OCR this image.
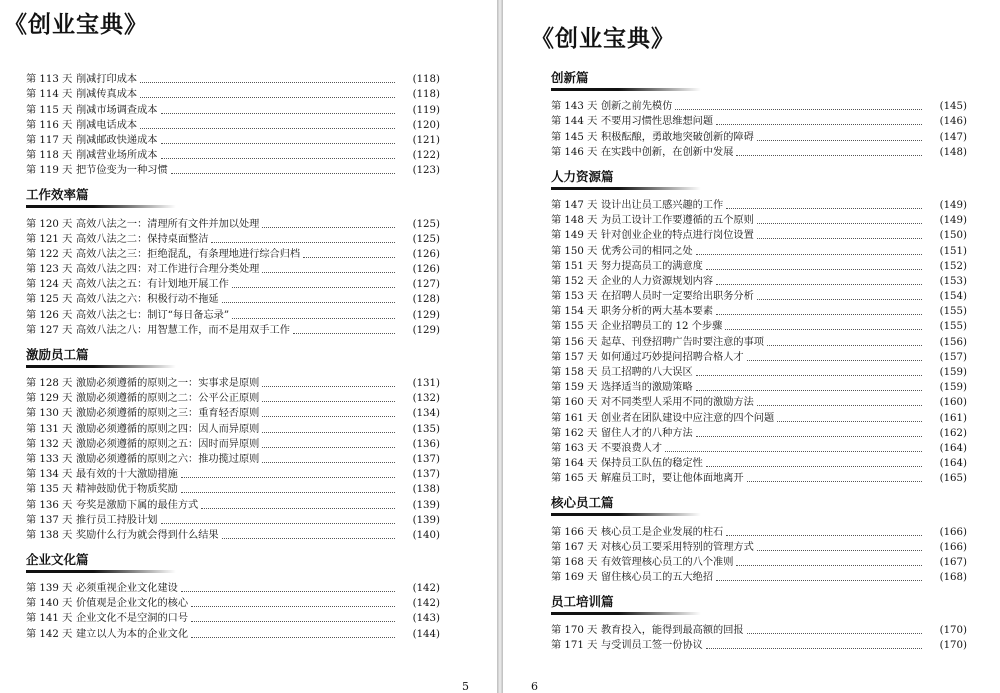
《创业宝典》
第 113 天 削减打印成本	(118)
第 114 天 削减传真成本	(118)
第 115 天 削减市场调查成本	(119)
第 116 天 削减电话成本	(120)
第 117 天 削减邮政快递成本	(121)
第 118 天 削减营业场所成本	(122)
第 119 天 把节俭变为一种习惯	(123)
工作效率篇
第 120 天 高效八法之一：清理所有文件并加以处理	(125)
第 121 天 高效八法之二：保持桌面整洁	(125)
第 122 天 高效八法之三：拒绝混乱，有条理地进行综合归档	(126)
第 123 天 高效八法之四：对工作进行合理分类处理	(126)
第 124 天 高效八法之五：有计划地开展工作	(127)
第 125 天 高效八法之六：积极行动不拖延	(128)
第 126 天 高效八法之七：制订“每日备忘录”	(129)
第 127 天 高效八法之八：用智慧工作，而不是用双手工作	(129)
激励员工篇
第 128 天 激励必须遵循的原则之一：实事求是原则	(131)
第 129 天 激励必须遵循的原则之二：公平公正原则	(132)
第 130 天 激励必须遵循的原则之三：重育轻否原则	(134)
第 131 天 激励必须遵循的原则之四：因人而异原则	(135)
第 132 天 激励必须遵循的原则之五：因时而异原则	(136)
第 133 天 激励必须遵循的原则之六：推功揽过原则	(137)
第 134 天 最有效的十大激励措施	(137)
第 135 天 精神鼓励优于物质奖励	(138)
第 136 天 夸奖是激励下属的最佳方式	(139)
第 137 天 推行员工持股计划	(139)
第 138 天 奖励什么行为就会得到什么结果	(140)
企业文化篇
第 139 天 必须重视企业文化建设	(142)
第 140 天 价值观是企业文化的核心	(142)
第 141 天 企业文化不是空洞的口号	(143)
第 142 天 建立以人为本的企业文化	(144)
5
《创业宝典》
创新篇
第 143 天 创新之前先模仿	(145)
第 144 天 不要用习惯性思维想问题	(146)
第 145 天 积极酝酿，勇敢地突破创新的障碍	(147)
第 146 天 在实践中创新，在创新中发展	(148)
人力资源篇
第 147 天 设计出让员工感兴趣的工作	(149)
第 148 天 为员工设计工作要遵循的五个原则	(149)
第 149 天 针对创业企业的特点进行岗位设置	(150)
第 150 天 优秀公司的相同之处	(151)
第 151 天 努力提高员工的满意度	(152)
第 152 天 企业的人力资源规划内容	(153)
第 153 天 在招聘人员时一定要给出职务分析	(154)
第 154 天 职务分析的两大基本要素	(155)
第 155 天 企业招聘员工的 12 个步骤	(155)
第 156 天 起草、刊登招聘广告时要注意的事项	(156)
第 157 天 如何通过巧妙提问招聘合格人才	(157)
第 158 天 员工招聘的八大误区	(159)
第 159 天 选择适当的激励策略	(159)
第 160 天 对不同类型人采用不同的激励方法	(160)
第 161 天 创业者在团队建设中应注意的四个问题	(161)
第 162 天 留住人才的八种方法	(162)
第 163 天 不要浪费人才	(164)
第 164 天 保持员工队伍的稳定性	(164)
第 165 天 解雇员工时，要让他体面地离开	(165)
核心员工篇
第 166 天 核心员工是企业发展的柱石	(166)
第 167 天 对核心员工要采用特别的管理方式	(166)
第 168 天 有效管理核心员工的八个准则	(167)
第 169 天 留住核心员工的五大绝招	(168)
员工培训篇
第 170 天 教育投入，能得到最高额的回报	(170)
第 171 天 与受训员工签一份协议	(170)
6
